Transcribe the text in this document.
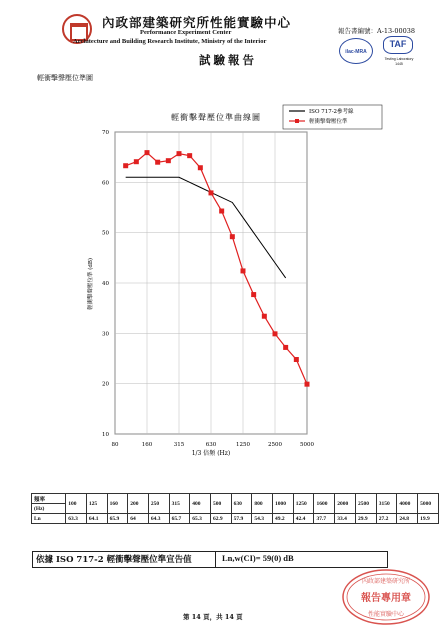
內政部建築研究所性能實驗中心
Performance Experiment Center
Architecture and Building Research Institute, Ministry of the Interior
試驗報告
報告書編號：A-13-00038
ilac-MRA
TAF
Testing Laboratory
1445
輕衝擊聲壓位準圖
10
20
30
40
50
60
70
80	160	315	630	1250	2500	5000
ISO 717-2參考線
輕衝擊聲壓位準
輕衝擊聲壓位準曲線圖
1/3 倍頻 (Hz)
輕衝擊聲壓位準 (dB)
頻率	100	125	160	200	250	315	400	500	630	800	1000	1250	1600	2000	2500	3150	4000	5000
(Hz)																		
Ln	63.3	64.1	65.9	64	64.3	65.7	65.3	62.9	57.9	54.3	49.2	42.4	37.7	33.4	29.9	27.2	24.8	19.9
依據 ISO 717-2 輕衝擊聲壓位準宣告值	Ln,w(CI)= 59(0) dB
內政部建築研究所
報告專用章
性能實驗中心
第 14 頁，共 14 頁
